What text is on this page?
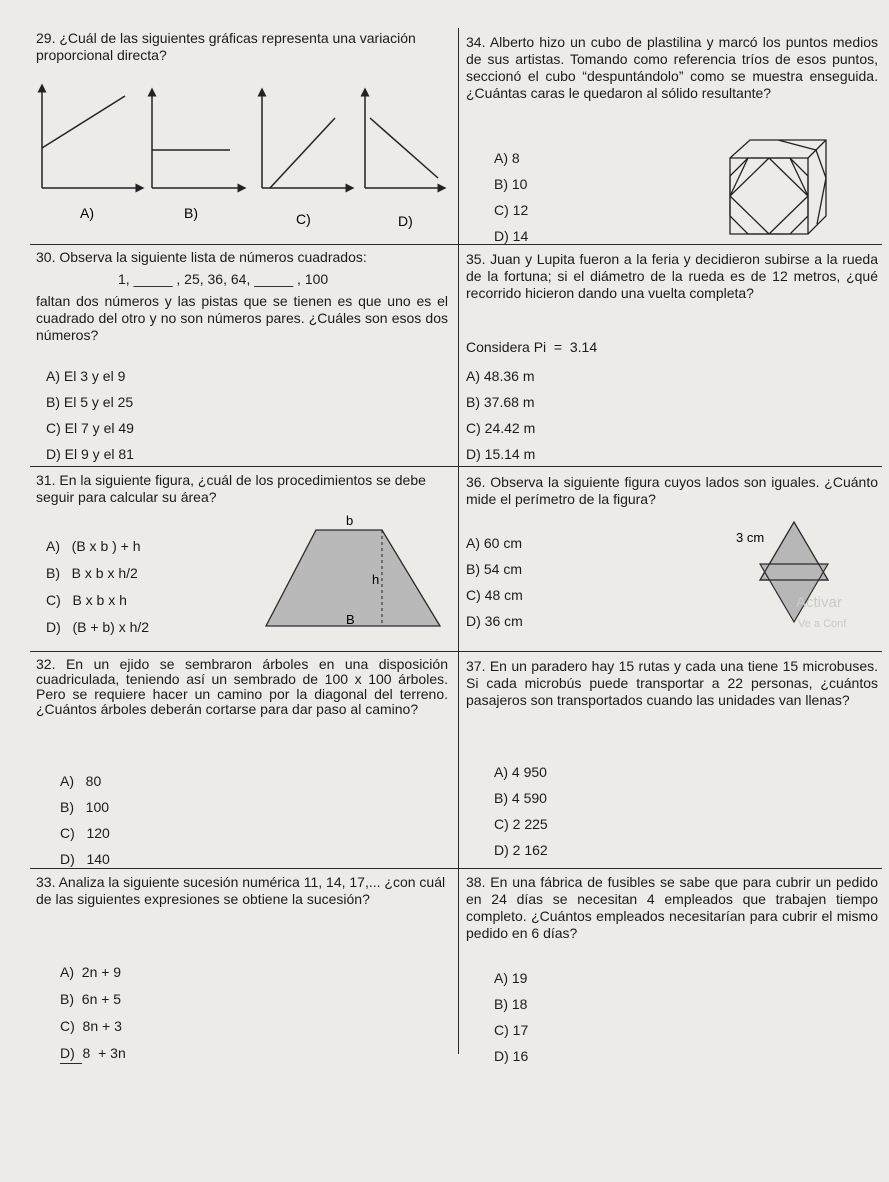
29. ¿Cuál de las siguientes gráficas representa una variación proporcional directa?
A)	B)	C)	D)
34. Alberto hizo un cubo de plastilina y marcó los puntos medios de sus artistas. Tomando como referencia tríos de esos puntos, seccionó el cubo “despuntándolo” como se muestra enseguida. ¿Cuántas caras le quedaron al sólido resultante?
A) 8
B) 10
C) 12
D) 14
30. Observa la siguiente lista de números cuadrados:
1, _____ , 25, 36, 64, _____ , 100
faltan dos números y las pistas que se tienen es que uno es el cuadrado del otro y no son números pares. ¿Cuáles son esos dos números?
A) El 3 y el 9
B) El 5 y el 25
C) El 7 y el 49
D) El 9 y el 81
35. Juan y Lupita fueron a la feria y decidieron subirse a la rueda de la fortuna; si el diámetro de la rueda es de 12 metros, ¿qué recorrido hicieron dando una vuelta completa?
Considera Pi  =  3.14
A) 48.36 m
B) 37.68 m
C) 24.42 m
D) 15.14 m
31. En la siguiente figura, ¿cuál de los procedimientos se debe seguir para calcular su área?
A)   (B x b ) + h
B)   B x b x h/2
C)   B x b x h
D)   (B + b) x h/2
b
h
B
36. Observa la siguiente figura cuyos lados son iguales. ¿Cuánto mide el perímetro de la figura?
A) 60 cm
B) 54 cm
C) 48 cm
D) 36 cm
3 cm
Activar
Ve a Conf
32. En un ejido se sembraron árboles en una disposición cuadriculada, teniendo así un sembrado de 100 x 100 árboles. Pero se requiere hacer un camino por la diagonal del terreno. ¿Cuántos árboles deberán cortarse para dar paso al camino?
A)   80
B)   100
C)   120
D)   140
37. En un paradero hay 15 rutas y cada una tiene 15 microbuses. Si cada microbús puede transportar a 22 personas, ¿cuántos pasajeros son transportados cuando las unidades van llenas?
A) 4 950
B) 4 590
C) 2 225
D) 2 162
33. Analiza la siguiente sucesión numérica 11, 14, 17,... ¿con cuál de las siguientes expresiones se obtiene la sucesión?
A)  2n + 9
B)  6n + 5
C)  8n + 3
D)  8  + 3n
38. En una fábrica de fusibles se sabe que para cubrir un pedido en 24 días se necesitan 4 empleados que trabajen tiempo completo. ¿Cuántos empleados necesitarían para cubrir el mismo pedido en 6 días?
A) 19
B) 18
C) 17
D) 16
